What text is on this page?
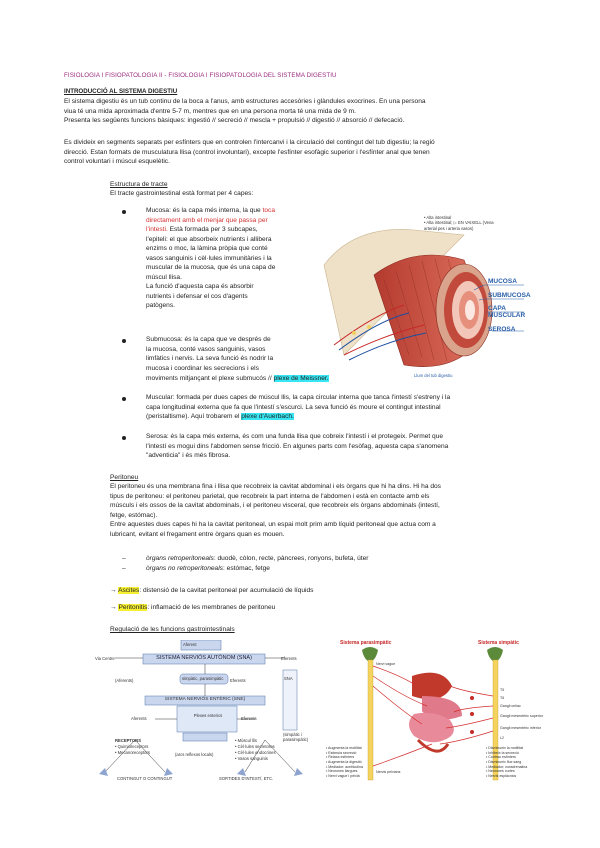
FISIOLOGIA I FISIOPATOLOGIA II - FISIOLOGIA I FISIOPATOLOGIA DEL SISTEMA DIGESTIU
INTRODUCCIÓ AL SISTEMA DIGESTIU

El sistema digestiu és un tub continu de la boca a l'anus, amb estructures accesòries i glàndules exocrines. En una persona

viua té una mida aproximada d'entre 5-7 m, mentres que en una persona morta té una mida de 9 m.

Presenta les següents funcions bàsiques: ingestió // secreció // mescla + propulsió // digestió // absorció // defecació.

Es divideix en segments separats per esfínters que en controlen l'intercanvi i la circulació del contingut del tub digestiu; la regió

direcció. Estan formats de musculatura llisa (control involuntari), excepte l'esfínter esofàgic superior i l'esfínter anal que tenen

control voluntari i múscul esquelètic.

Estructura de tracte
El tracte gastrointestinal està format per 4 capes:

Mucosa: és la capa més interna, la que toca

directament amb el menjar que passa per

l'intesti. Està formada per 3 subcapes,

l'epiteli: el que absorbeix nutrients i allibera

enzims o moc, la làmina pròpia que conté

vasos sanguinis i cèl·lules immunitàries i la

muscular de la mucosa, que és una capa de

múscul llisa.

La funció d'aquesta capa és absorbir

nutrients i defensar el cos d'agents

patògens.

Submucosa: és la capa que ve després de

la mucosa, conté vasos sanguinis, vasos

limfàtics i nervis. La seva funció és nodrir la

mucosa i coordinar les secrecions i els

moviments mitjançant el plexe submucós // plexe de Meissner.

• Alta intestinal

• Alta intestinal; ▷ EN VAIXELL (Vena

arterial pes i arteria vasos)

MUCOSA
SUBMUCOSA
CAPA MUSCULAR
SEROSA
Llum del tub digestiu

Muscular: formada per dues capes de múscul llis, la capa circular interna que tanca l'intestí s'estreny i la

capa longitudinal externa que fa que l'intestí s'escurci. La seva funció és moure el contingut intestinal

(peristaltisme). Aquí trobarem el plexe d'Auerbach.

Serosa: és la capa més externa, és com una funda llisa que cobreix l'intestí i el protegeix. Permet que

l'intestí es mogui dins l'abdomen sense fricció. En algunes parts com l'esòfag, aquesta capa s'anomena

"adventicia" i és més fibrosa.

Peritoneu

El peritoneu és una membrana fina i llisa que recobreix la cavitat abdominal i els òrgans que hi ha dins. Hi ha dos

tipus de peritoneu: el peritoneu parietal, que recobreix la part interna de l'abdomen i està en contacte amb els

músculs i els ossos de la cavitat abdominals, i el peritoneu visceral, que recobreix els òrgans abdominals (intestí,

fetge, estómac).

Entre aquestes dues capes hi ha la cavitat peritoneal, un espai molt prim amb líquid peritoneal que actua com a

lubricant, evitant el fregament entre òrgans quan es mouen.

–	òrgans retroperitoneals: duodè, còlon, recte, pàncrees, ronyons, bufeta, úter
–	òrgans no retroperitoneals: estómac, fetge
→ Ascites: distensió de la cavitat peritoneal per acumulació de líquids
→ Peritonitis: inflamació de les membranes de peritoneu
Regulació de les funcions gastrointestinals
Aferent
SISTEMA NERVIÓS AUTÒNOM (SNA)
Via Centre	Eferents
(Aferents)	Eferents
simpàtic, parasimpàtic
SISTEMA NERVIÓS ENTÈRIC (SNE)
Plexes enterics
Aferents	Eferents
SNA
RECEPTORS
• Quimioreceptors
• Mecanoreceptors	(arcs reflexos locals)
• Múscul llis
• Cèl·lules secretores
• Cèl·lules endocrines
• Vasos sanguinis
CONTINGUT O CONTINGUT	SORTIDES D'INTESTÍ, ETC.
(simpàtic i parasimpàtic)
Sistema parasimpàtic	Sistema simpàtic
• Augmenta la motilitat
• Estimula secreció
• Relaxa esfínters
• Augmenta la digestió
• Mediador: acetilcolina
• Neurones llargues
• Nervi vague i pelvià
• Disminueix la motilitat
• Inhibeix la secreció
• Contrau esfínters
• Disminueix flux sang
• Mediador: noradrenalina
• Neurones curtes
• Nervis esplàcnics
Nervi vague
Nervis pelvians
T5
T6
Gangli celíac
Gangli mesentèric superior
Gangli mesentèric inferior
L2
